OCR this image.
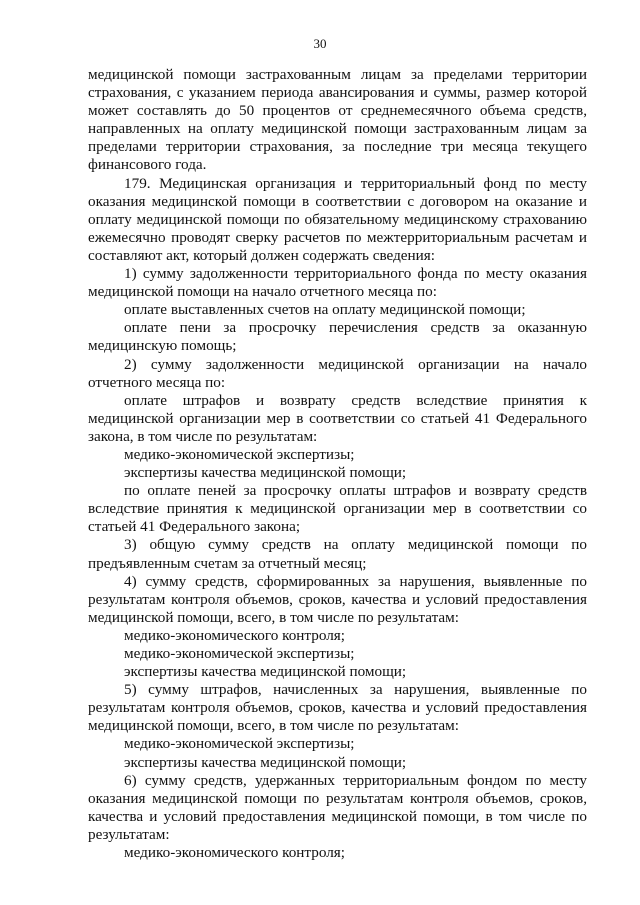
30

медицинской помощи застрахованным лицам за пределами территории страхования, с указанием периода авансирования и суммы, размер которой может составлять до 50 процентов от среднемесячного объема средств, направленных на оплату медицинской помощи застрахованным лицам за пределами территории страхования, за последние три месяца текущего финансового года.

179. Медицинская организация и территориальный фонд по месту оказания медицинской помощи в соответствии с договором на оказание и оплату медицинской помощи по обязательному медицинскому страхованию ежемесячно проводят сверку расчетов по межтерриториальным расчетам и составляют акт, который должен содержать сведения:

1) сумму задолженности территориального фонда по месту оказания медицинской помощи на начало отчетного месяца по:

оплате выставленных счетов на оплату медицинской помощи;

оплате пени за просрочку перечисления средств за оказанную медицинскую помощь;

2) сумму задолженности медицинской организации на начало отчетного месяца по:

оплате штрафов и возврату средств вследствие принятия к медицинской организации мер в соответствии со статьей 41 Федерального закона, в том числе по результатам:

медико-экономической экспертизы;

экспертизы качества медицинской помощи;

по оплате пеней за просрочку оплаты штрафов и возврату средств вследствие принятия к медицинской организации мер в соответствии со статьей 41 Федерального закона;

3) общую сумму средств на оплату медицинской помощи по предъявленным счетам за отчетный месяц;

4) сумму средств, сформированных за нарушения, выявленные по результатам контроля объемов, сроков, качества и условий предоставления медицинской помощи, всего, в том числе по результатам:

медико-экономического контроля;

медико-экономической экспертизы;

экспертизы качества медицинской помощи;

5) сумму штрафов, начисленных за нарушения, выявленные по результатам контроля объемов, сроков, качества и условий предоставления медицинской помощи, всего, в том числе по результатам:

медико-экономической экспертизы;

экспертизы качества медицинской помощи;

6) сумму средств, удержанных территориальным фондом по месту оказания медицинской помощи по результатам контроля объемов, сроков, качества и условий предоставления медицинской помощи, в том числе по результатам:

медико-экономического контроля;
